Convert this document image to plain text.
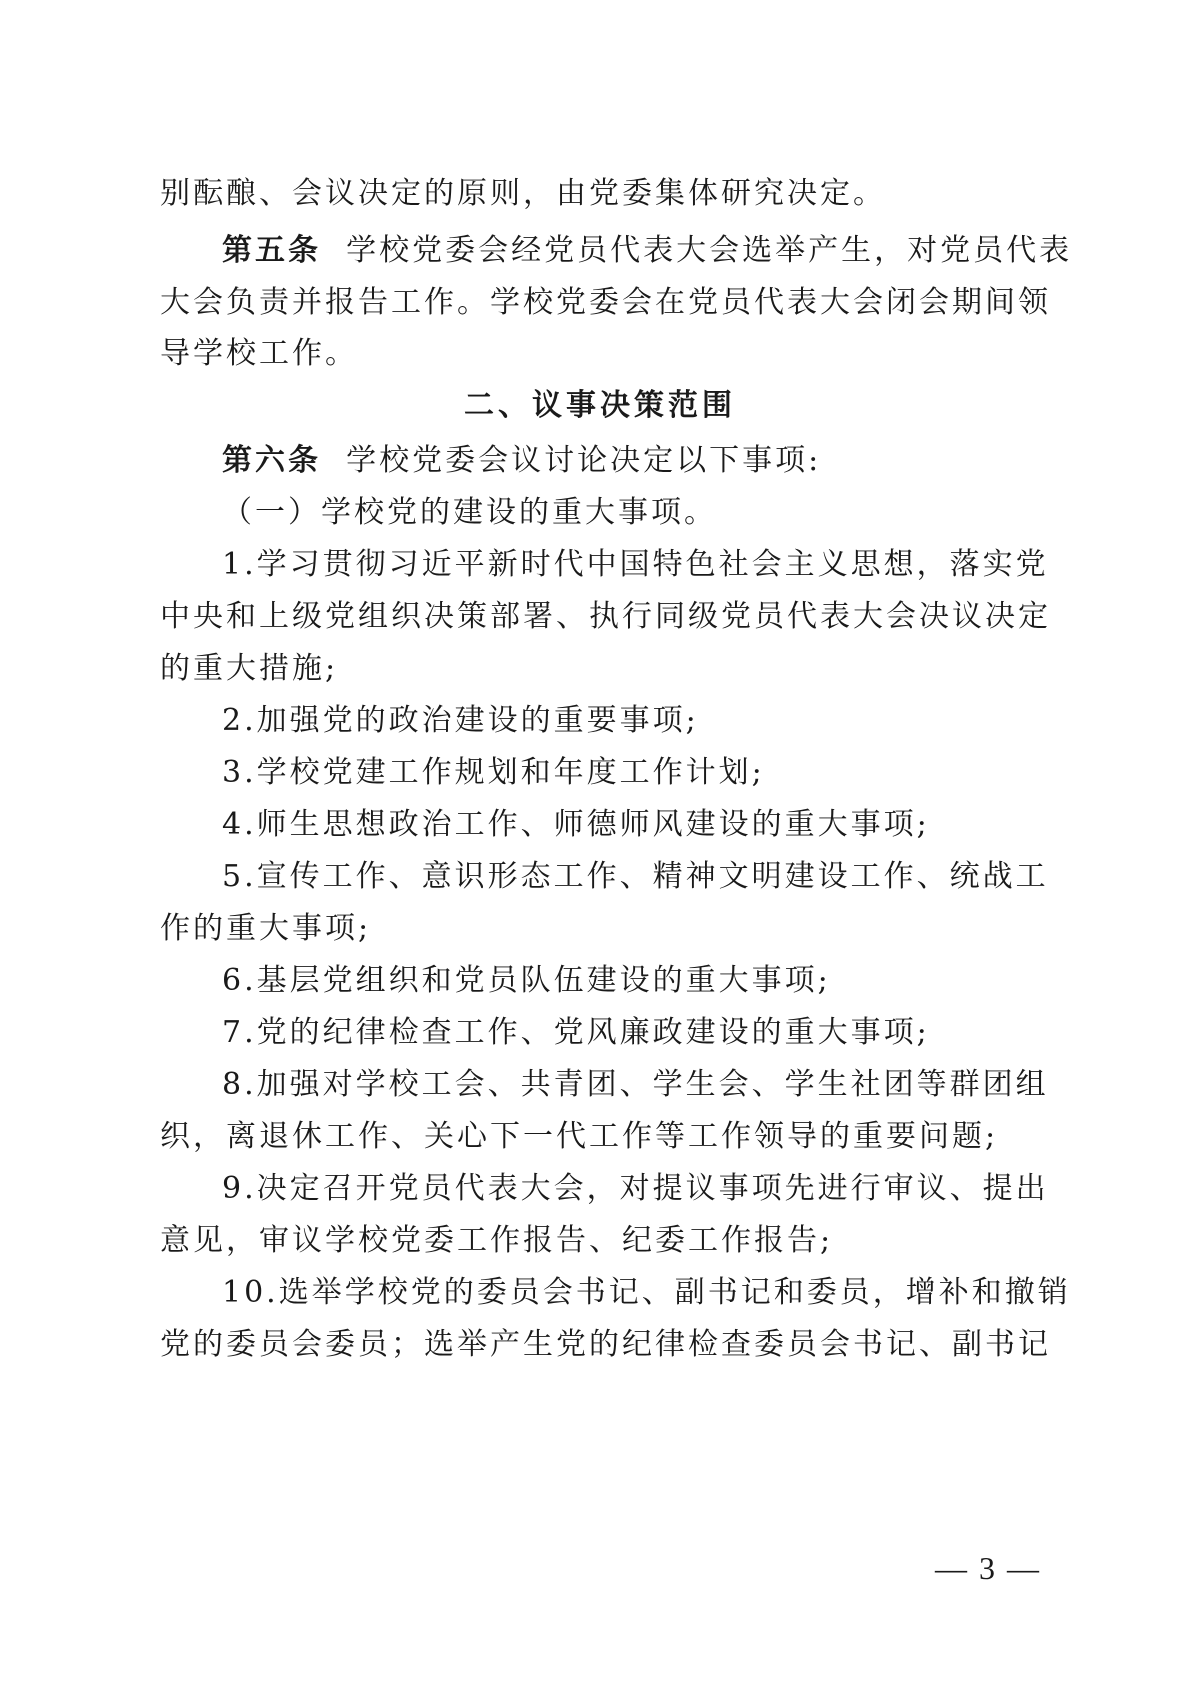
别酝酿、会议决定的原则，由党委集体研究决定。
第五条 学校党委会经党员代表大会选举产生，对党员代表
大会负责并报告工作。学校党委会在党员代表大会闭会期间领
导学校工作。
二、议事决策范围
第六条 学校党委会议讨论决定以下事项:
（一）学校党的建设的重大事项。
1.学习贯彻习近平新时代中国特色社会主义思想，落实党
中央和上级党组织决策部署、执行同级党员代表大会决议决定
的重大措施;
2.加强党的政治建设的重要事项;
3.学校党建工作规划和年度工作计划;
4.师生思想政治工作、师德师风建设的重大事项;
5.宣传工作、意识形态工作、精神文明建设工作、统战工
作的重大事项;
6.基层党组织和党员队伍建设的重大事项;
7.党的纪律检查工作、党风廉政建设的重大事项;
8.加强对学校工会、共青团、学生会、学生社团等群团组
织，离退休工作、关心下一代工作等工作领导的重要问题;
9.决定召开党员代表大会，对提议事项先进行审议、提出
意见，审议学校党委工作报告、纪委工作报告;
10.选举学校党的委员会书记、副书记和委员，增补和撤销
党的委员会委员；选举产生党的纪律检查委员会书记、副书记
— 3 —
